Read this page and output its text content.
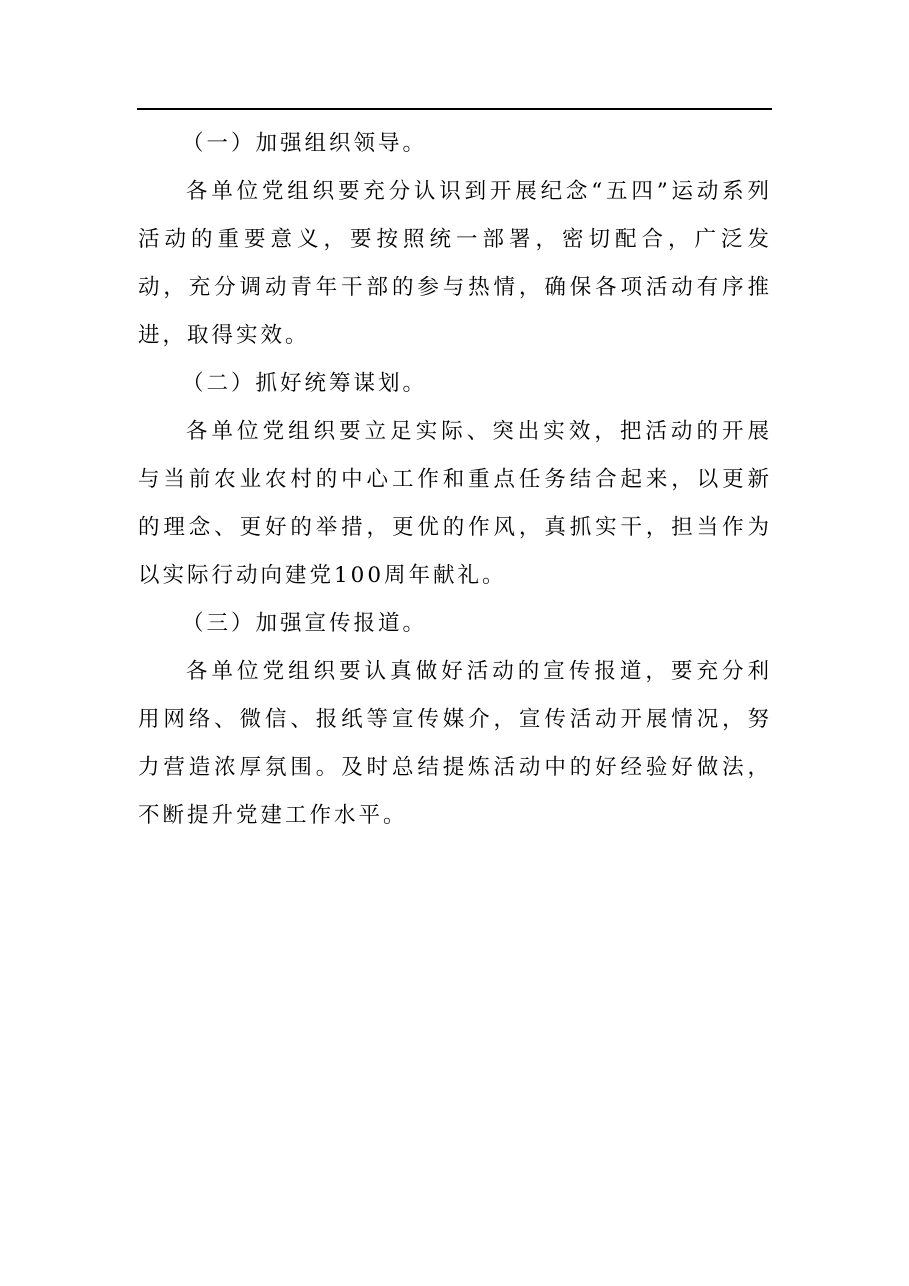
（一）加强组织领导。

各单位党组织要充分认识到开展纪念“五四”运动系列活动的重要意义，要按照统一部署，密切配合，广泛发动，充分调动青年干部的参与热情，确保各项活动有序推进，取得实效。

（二）抓好统筹谋划。

各单位党组织要立足实际、突出实效，把活动的开展与当前农业农村的中心工作和重点任务结合起来，以更新的理念、更好的举措，更优的作风，真抓实干，担当作为以实际行动向建党100周年献礼。

（三）加强宣传报道。

各单位党组织要认真做好活动的宣传报道，要充分利用网络、微信、报纸等宣传媒介，宣传活动开展情况，努力营造浓厚氛围。及时总结提炼活动中的好经验好做法，不断提升党建工作水平。
